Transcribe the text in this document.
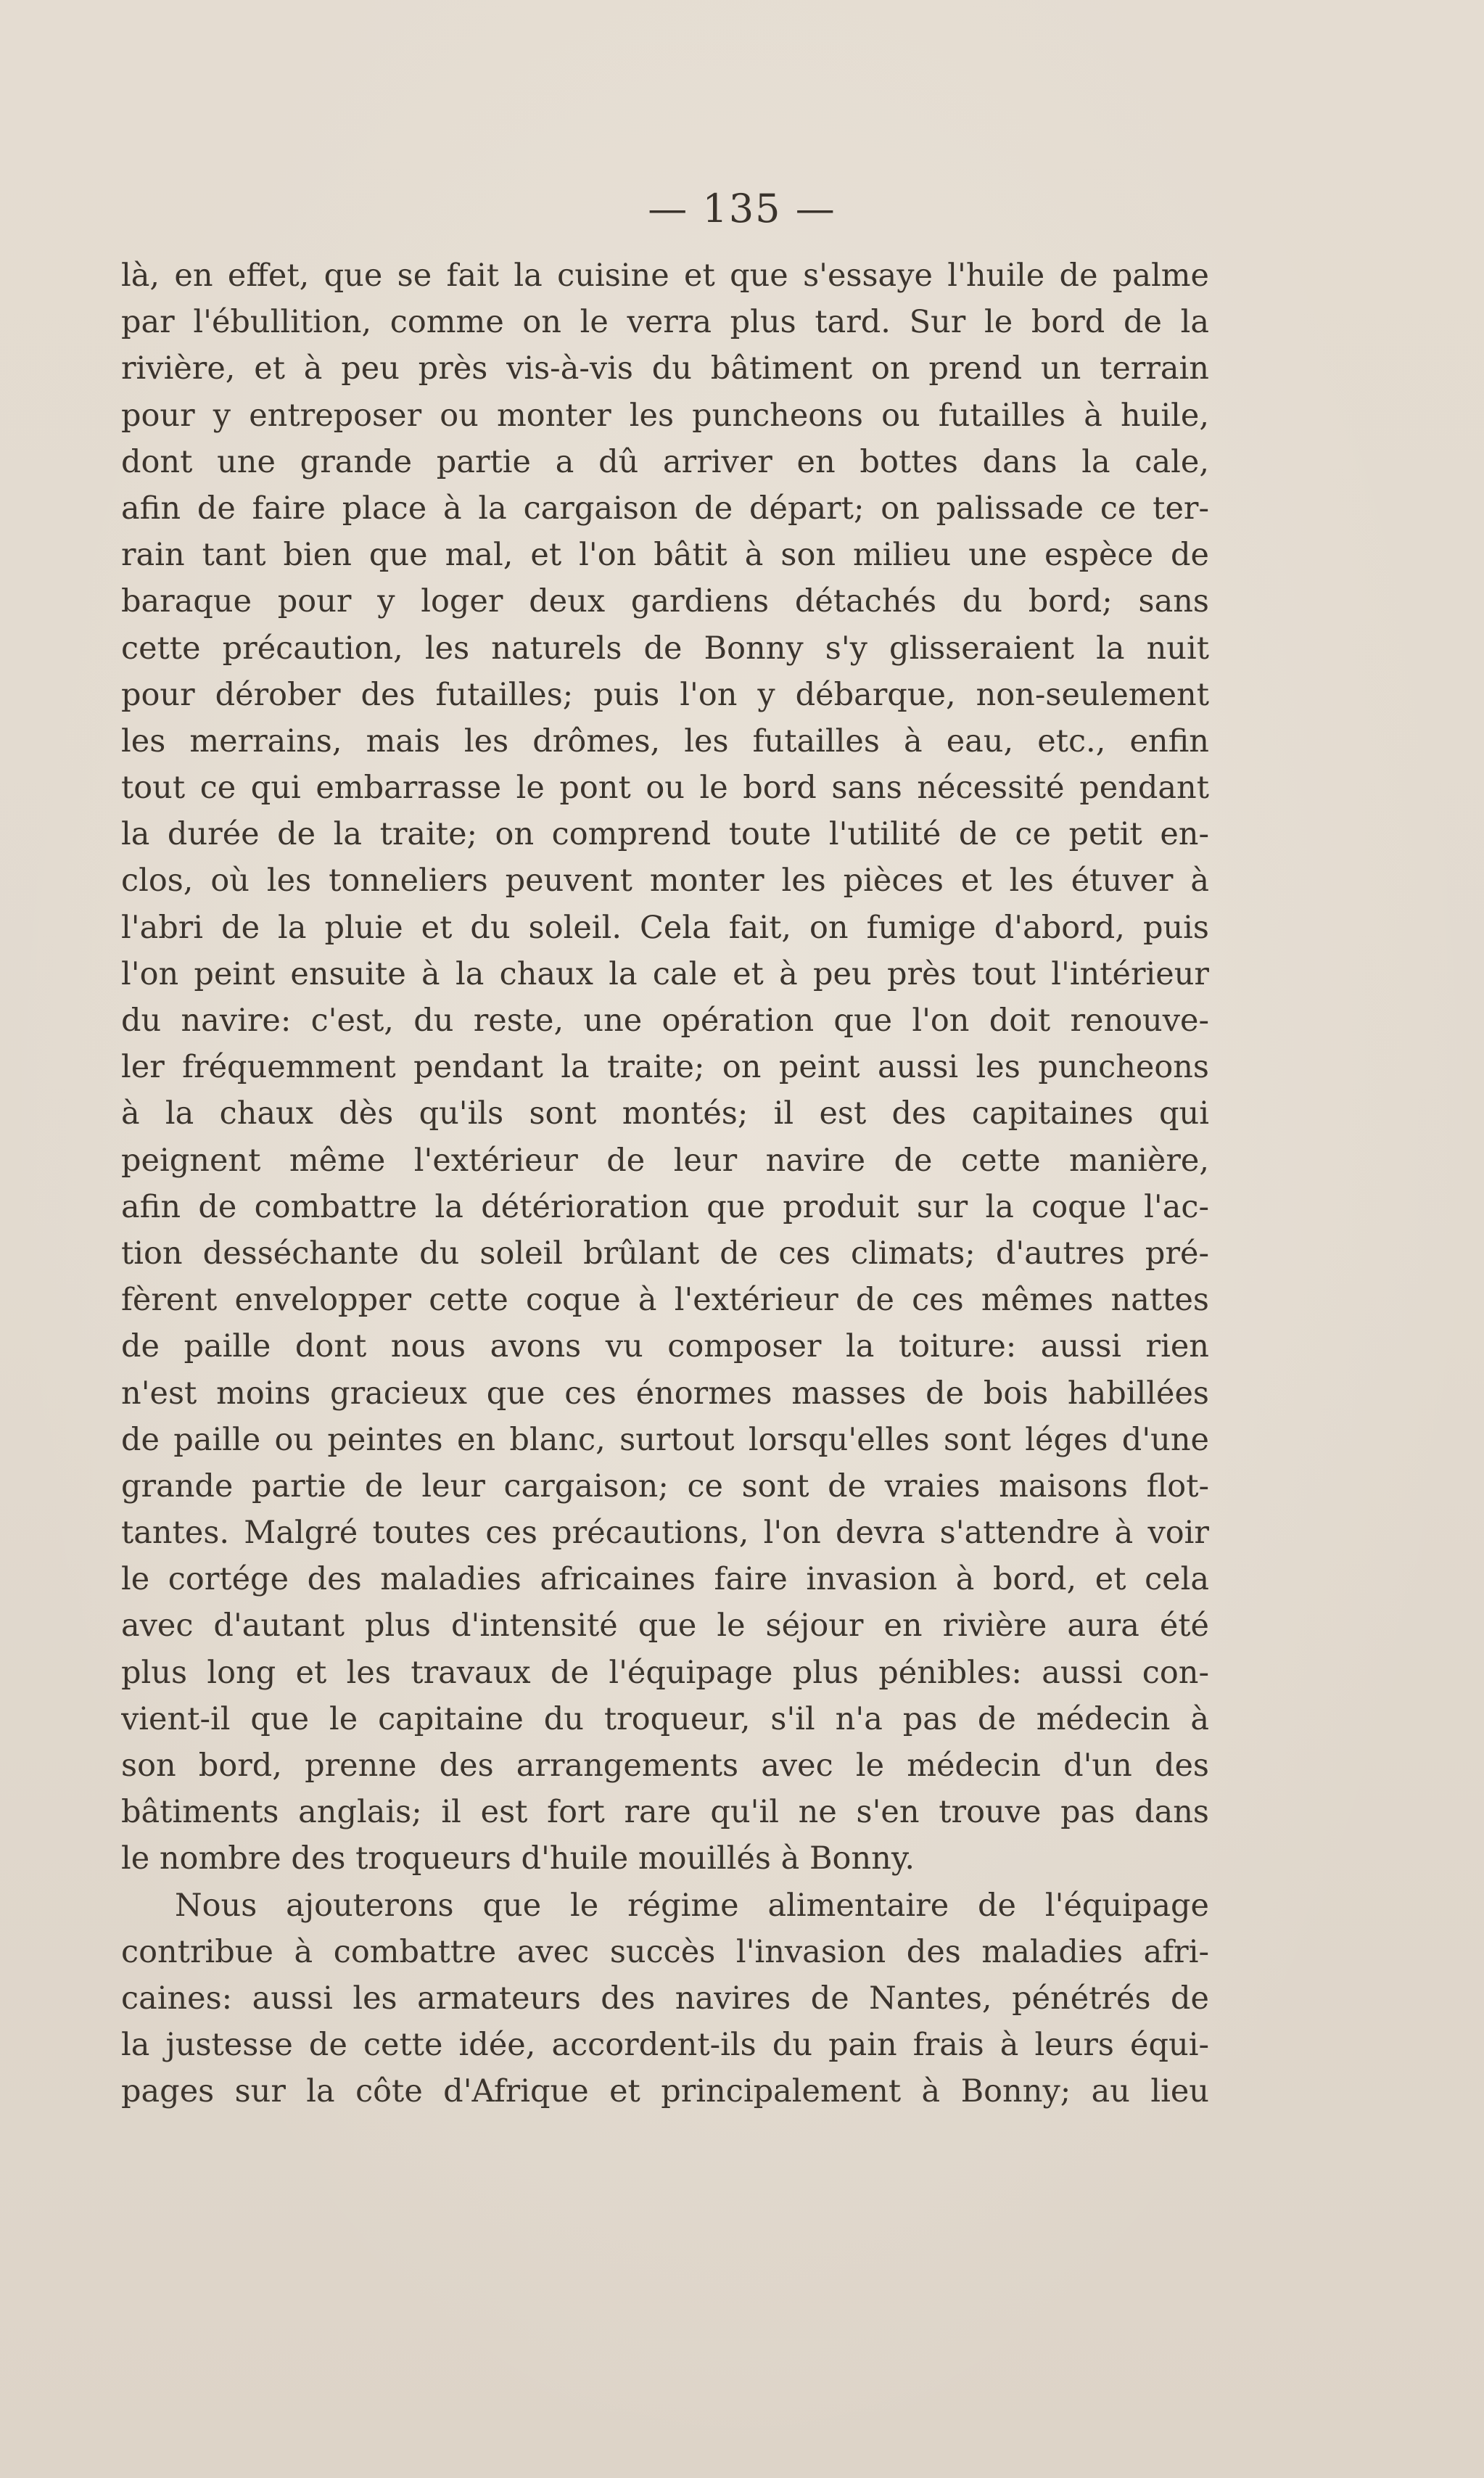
— 135 —
là, en effet, que se fait la cuisine et que s'essaye l'huile de palme
par l'ébullition, comme on le verra plus tard. Sur le bord de la
rivière, et à peu près vis-à-vis du bâtiment on prend un terrain
pour y entreposer ou monter les puncheons ou futailles à huile,
dont une grande partie a dû arriver en bottes dans la cale,
afin de faire place à la cargaison de départ; on palissade ce ter-
rain tant bien que mal, et l'on bâtit à son milieu une espèce de
baraque pour y loger deux gardiens détachés du bord; sans
cette précaution, les naturels de Bonny s'y glisseraient la nuit
pour dérober des futailles; puis l'on y débarque, non-seulement
les merrains, mais les drômes, les futailles à eau, etc., enfin
tout ce qui embarrasse le pont ou le bord sans nécessité pendant
la durée de la traite; on comprend toute l'utilité de ce petit en-
clos, où les tonneliers peuvent monter les pièces et les étuver à
l'abri de la pluie et du soleil. Cela fait, on fumige d'abord, puis
l'on peint ensuite à la chaux la cale et à peu près tout l'intérieur
du navire: c'est, du reste, une opération que l'on doit renouve-
ler fréquemment pendant la traite; on peint aussi les puncheons
à la chaux dès qu'ils sont montés; il est des capitaines qui
peignent même l'extérieur de leur navire de cette manière,
afin de combattre la détérioration que produit sur la coque l'ac-
tion desséchante du soleil brûlant de ces climats; d'autres pré-
fèrent envelopper cette coque à l'extérieur de ces mêmes nattes
de paille dont nous avons vu composer la toiture: aussi rien
n'est moins gracieux que ces énormes masses de bois habillées
de paille ou peintes en blanc, surtout lorsqu'elles sont léges d'une
grande partie de leur cargaison; ce sont de vraies maisons flot-
tantes. Malgré toutes ces précautions, l'on devra s'attendre à voir
le cortége des maladies africaines faire invasion à bord, et cela
avec d'autant plus d'intensité que le séjour en rivière aura été
plus long et les travaux de l'équipage plus pénibles: aussi con-
vient-il que le capitaine du troqueur, s'il n'a pas de médecin à
son bord, prenne des arrangements avec le médecin d'un des
bâtiments anglais; il est fort rare qu'il ne s'en trouve pas dans
le nombre des troqueurs d'huile mouillés à Bonny.
Nous ajouterons que le régime alimentaire de l'équipage
contribue à combattre avec succès l'invasion des maladies afri-
caines: aussi les armateurs des navires de Nantes, pénétrés de
la justesse de cette idée, accordent-ils du pain frais à leurs équi-
pages sur la côte d'Afrique et principalement à Bonny; au lieu
